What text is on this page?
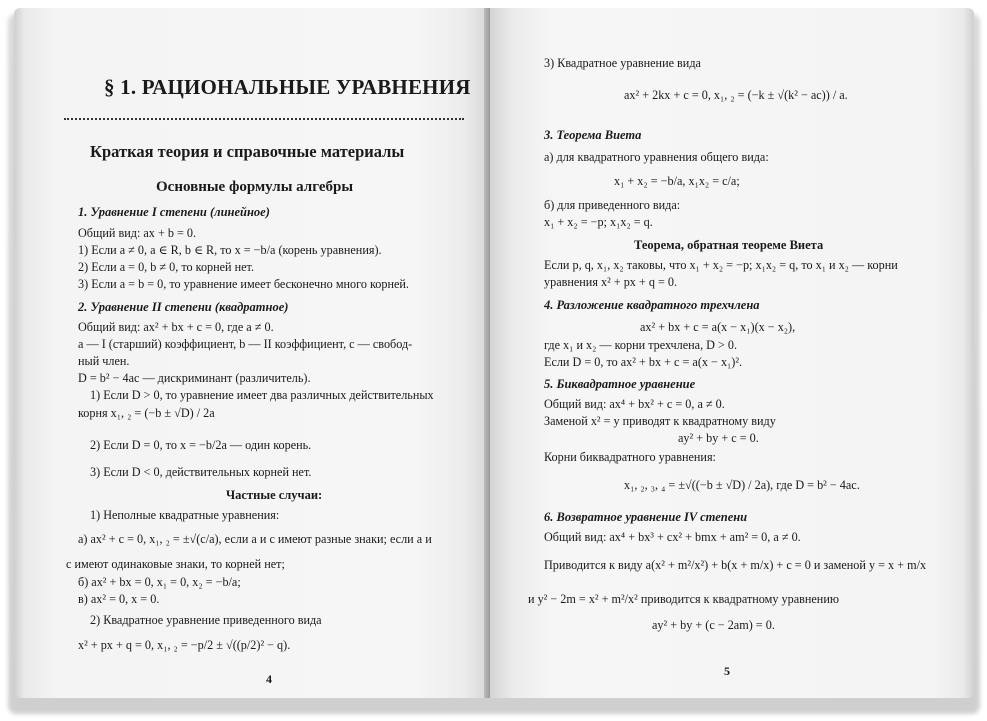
§ 1. РАЦИОНАЛЬНЫЕ УРАВНЕНИЯ
Краткая теория и справочные материалы
Основные формулы алгебры
1. Уравнение I степени (линейное)
Общий вид: ax + b = 0.
1) Если a ≠ 0, a ∈ R, b ∈ R, то x = −b/a (корень уравнения).
2) Если a = 0, b ≠ 0, то корней нет.
3) Если a = b = 0, то уравнение имеет бесконечно много корней.
2. Уравнение II степени (квадратное)
Общий вид: ax² + bx + c = 0, где a ≠ 0.
a — I (старший) коэффициент, b — II коэффициент, c — свобод-
ный член.
D = b² − 4ac — дискриминант (различитель).
1) Если D > 0, то уравнение имеет два различных действительных
корня x₁, ₂ = (−b ± √D) / 2a
2) Если D = 0, то x = −b/2a — один корень.
3) Если D < 0, действительных корней нет.
Частные случаи:
1) Неполные квадратные уравнения:
а) ax² + c = 0, x₁, ₂ = ±√(c/a), если a и c имеют разные знаки; если a и
c имеют одинаковые знаки, то корней нет;
б) ax² + bx = 0, x₁ = 0, x₂ = −b/a;
в) ax² = 0, x = 0.
2) Квадратное уравнение приведенного вида
x² + px + q = 0, x₁, ₂ = −p/2 ± √((p/2)² − q).
4
3) Квадратное уравнение вида
ax² + 2kx + c = 0, x₁, ₂ = (−k ± √(k² − ac)) / a.
3. Теорема Виета
а) для квадратного уравнения общего вида:
x₁ + x₂ = −b/a, x₁x₂ = c/a;
б) для приведенного вида:
x₁ + x₂ = −p; x₁x₂ = q.
Теорема, обратная теореме Виета
Если p, q, x₁, x₂ таковы, что x₁ + x₂ = −p; x₁x₂ = q, то x₁ и x₂ — корни
уравнения x² + px + q = 0.
4. Разложение квадратного трехчлена
ax² + bx + c = a(x − x₁)(x − x₂),
где x₁ и x₂ — корни трехчлена, D > 0.
Если D = 0, то ax² + bx + c = a(x − x₁)².
5. Биквадратное уравнение
Общий вид: ax⁴ + bx² + c = 0, a ≠ 0.
Заменой x² = y приводят к квадратному виду
ay² + by + c = 0.
Корни биквадратного уравнения:
x₁, ₂, ₃, ₄ = ±√((−b ± √D) / 2a), где D = b² − 4ac.
6. Возвратное уравнение IV степени
Общий вид: ax⁴ + bx³ + cx² + bmx + am² = 0, a ≠ 0.
Приводится к виду a(x² + m²/x²) + b(x + m/x) + c = 0 и заменой y = x + m/x
и y² − 2m = x² + m²/x² приводится к квадратному уравнению
ay² + by + (c − 2am) = 0.
5
